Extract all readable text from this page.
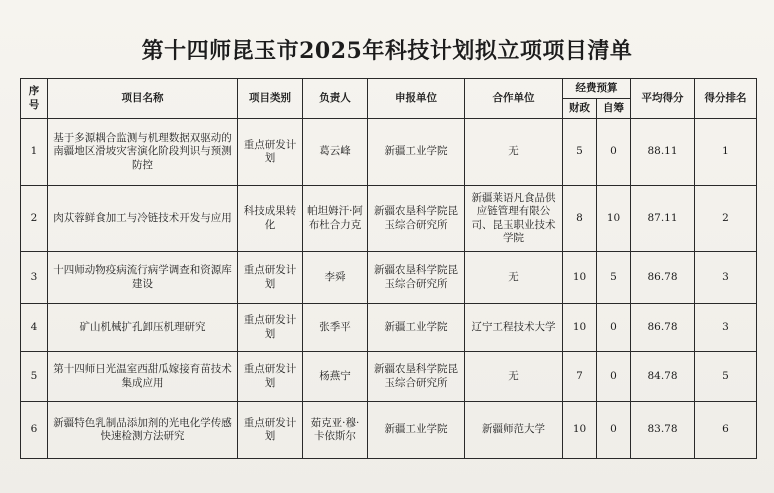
第十四师昆玉市2025年科技计划拟立项项目清单
序号	项目名称	项目类别	负责人	申报单位	合作单位	经费预算		平均得分	得分排名
						财政	自筹		
1	基于多源耦合监测与机理数据双驱动的南疆地区滑坡灾害演化阶段判识与预测防控	重点研发计划	葛云峰	新疆工业学院	无	5	0	88.11	1
2	肉苁蓉鲜食加工与冷链技术开发与应用	科技成果转化	帕坦姆汗·阿布杜合力克	新疆农垦科学院昆玉综合研究所	新疆莱语凡食品供应链管理有限公司、昆玉职业技术学院	8	10	87.11	2
3	十四师动物疫病流行病学调查和资源库建设	重点研发计划	李舜	新疆农垦科学院昆玉综合研究所	无	10	5	86.78	3
4	矿山机械扩孔卸压机理研究	重点研发计划	张季平	新疆工业学院	辽宁工程技术大学	10	0	86.78	3
5	第十四师日光温室西甜瓜嫁接育苗技术集成应用	重点研发计划	杨燕宁	新疆农垦科学院昆玉综合研究所	无	7	0	84.78	5
6	新疆特色乳制品添加剂的光电化学传感快速检测方法研究	重点研发计划	茹克亚·穆·卡依斯尔	新疆工业学院	新疆师范大学	10	0	83.78	6
